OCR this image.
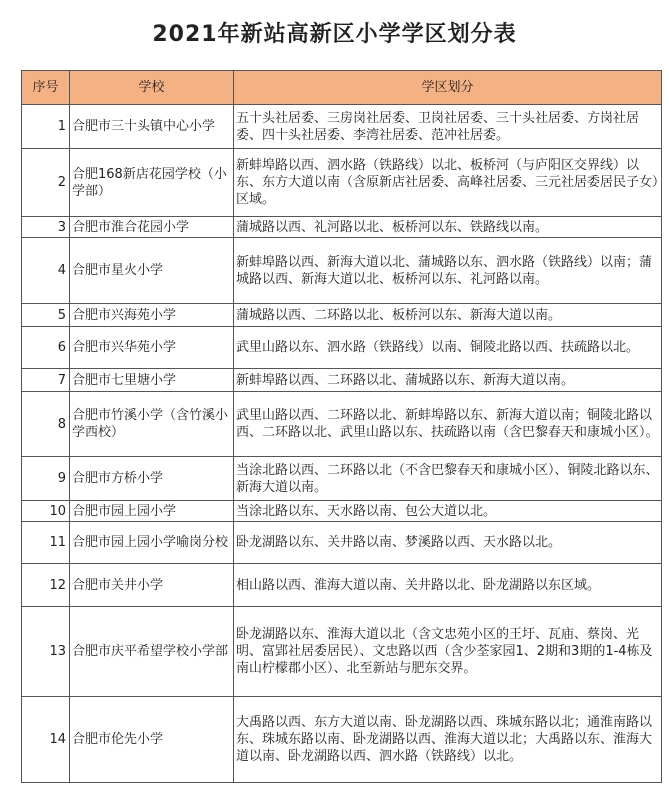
2021年新站高新区小学学区划分表
序号	学校	学区划分
1	合肥市三十头镇中心小学	五十头社居委、三房岗社居委、卫岗社居委、三十头社居委、方岗社居委、四十头社居委、李湾社居委、范冲社居委。
2	合肥168新店花园学校（小学部）	新蚌埠路以西、泗水路（铁路线）以北、板桥河（与庐阳区交界线）以东、东方大道以南（含原新店社居委、高峰社居委、三元社居委居民子女）区域。
3	合肥市淮合花园小学	蒲城路以西、礼河路以北、板桥河以东、铁路线以南。
4	合肥市星火小学	新蚌埠路以西、新海大道以北、蒲城路以东、泗水路（铁路线）以南；蒲城路以西、新海大道以北、板桥河以东、礼河路以南。
5	合肥市兴海苑小学	蒲城路以西、二环路以北、板桥河以东、新海大道以南。
6	合肥市兴华苑小学	武里山路以东、泗水路（铁路线）以南、铜陵北路以西、扶疏路以北。
7	合肥市七里塘小学	新蚌埠路以西、二环路以北、蒲城路以东、新海大道以南。
8	合肥市竹溪小学（含竹溪小学西校）	武里山路以西、二环路以北、新蚌埠路以东、新海大道以南；铜陵北路以西、二环路以北、武里山路以东、扶疏路以南（含巴黎春天和康城小区）。
9	合肥市方桥小学	当涂北路以西、二环路以北（不含巴黎春天和康城小区）、铜陵北路以东、新海大道以南。
10	合肥市园上园小学	当涂北路以东、天水路以南、包公大道以北。
11	合肥市园上园小学喻岗分校	卧龙湖路以东、关井路以南、梦溪路以西、天水路以北。
12	合肥市关井小学	相山路以西、淮海大道以南、关井路以北、卧龙湖路以东区域。
13	合肥市庆平希望学校小学部	卧龙湖路以东、淮海大道以北（含文忠苑小区的王圩、瓦庙、蔡岗、光明、富郢社居委居民）、文忠路以西（含少荃家园1、2期和3期的1-4栋及南山柠檬郡小区）、北至新站与肥东交界。
14	合肥市伦先小学	大禹路以西、东方大道以南、卧龙湖路以西、珠城东路以北；通淮南路以东、珠城东路以南、卧龙湖路以西、淮海大道以北；大禹路以东、淮海大道以南、卧龙湖路以西、泗水路（铁路线）以北。
